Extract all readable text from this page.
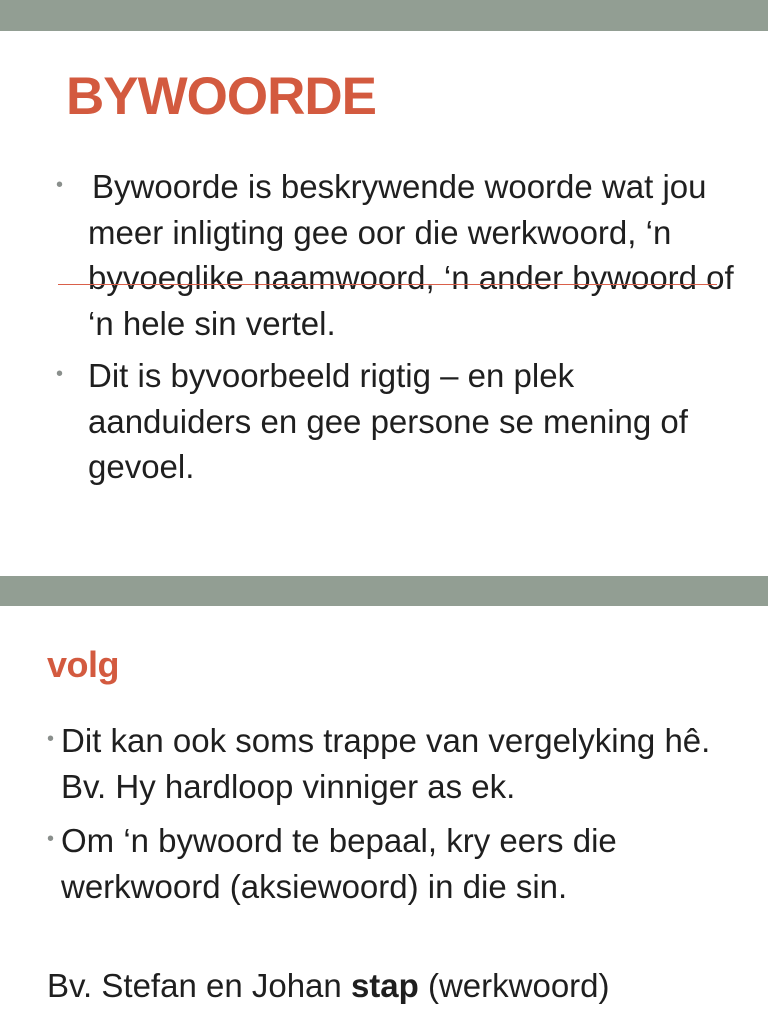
BYWOORDE
• Bywoorde is beskrywende woorde wat jou meer inligting gee oor die werkwoord, ‘n byvoeglike naamwoord, ‘n ander bywoord of ‘n hele sin vertel.
• Dit is byvoorbeeld rigtig – en plek aanduiders en gee persone se mening of gevoel.
volg
• Dit kan ook soms trappe van vergelyking hê. Bv. Hy hardloop vinniger as ek.
• Om ‘n bywoord te bepaal, kry eers die werkwoord (aksiewoord) in die sin.

Bv. Stefan en Johan stap (werkwoord)
